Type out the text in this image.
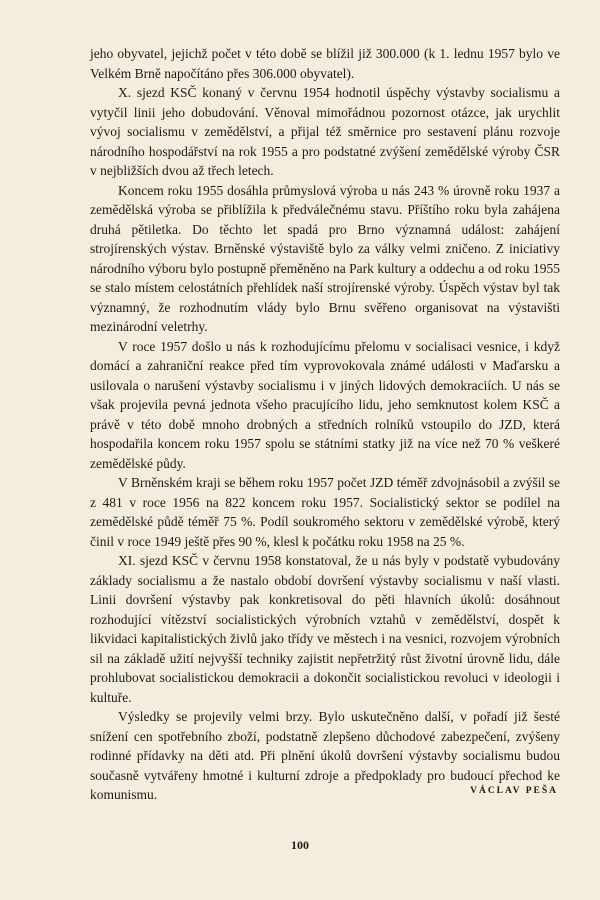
jeho obyvatel, jejichž počet v této době se blížil již 300.000 (k 1. lednu 1957 bylo ve Velkém Brně napočítáno přes 306.000 obyvatel).

X. sjezd KSČ konaný v červnu 1954 hodnotil úspěchy výstavby socialismu a vytyčil linii jeho dobudování. Věnoval mimořádnou pozornost otázce, jak urychlit vývoj socialismu v zemědělství, a přijal též směrnice pro sestavení plánu rozvoje národního hospodářství na rok 1955 a pro podstatné zvýšení zemědělské výroby ČSR v nejbližších dvou až třech letech.

Koncem roku 1955 dosáhla průmyslová výroba u nás 243 % úrovně roku 1937 a zemědělská výroba se přiblížila k předválečnému stavu. Příštího roku byla zahájena druhá pětiletka. Do těchto let spadá pro Brno významná událost: zahájení strojírenských výstav. Brněnské výstaviště bylo za války velmi zničeno. Z iniciativy národního výboru bylo postupně přeměněno na Park kultury a oddechu a od roku 1955 se stalo místem celostátních přehlídek naší strojírenské výroby. Úspěch výstav byl tak významný, že rozhodnutím vlády bylo Brnu svěřeno organisovat na výstavišti mezinárodní veletrhy.

V roce 1957 došlo u nás k rozhodujícímu přelomu v socialisaci vesnice, i když domácí a zahraniční reakce před tím vyprovokovala známé události v Maďarsku a usilovala o narušení výstavby socialismu i v jiných lidových demokraciích. U nás se však projevila pevná jednota všeho pracujícího lidu, jeho semknutost kolem KSČ a právě v této době mnoho drobných a středních rolníků vstoupilo do JZD, která hospodařila koncem roku 1957 spolu se státními statky již na více než 70 % veškeré zemědělské půdy.

V Brněnském kraji se během roku 1957 počet JZD téměř zdvojnásobil a zvýšil se z 481 v roce 1956 na 822 koncem roku 1957. Socialistický sektor se podílel na zemědělské půdě téměř 75 %. Podíl soukromého sektoru v zemědělské výrobě, který činil v roce 1949 ještě přes 90 %, klesl k počátku roku 1958 na 25 %.

XI. sjezd KSČ v červnu 1958 konstatoval, že u nás byly v podstatě vybudovány základy socialismu a že nastalo období dovršení výstavby socialismu v naší vlasti. Linii dovršení výstavby pak konkretisoval do pěti hlavních úkolů: dosáhnout rozhodující vítězství socialistických výrobních vztahů v zemědělství, dospět k likvidaci kapitalistických živlů jako třídy ve městech i na vesnici, rozvojem výrobních sil na základě užití nejvyšší techniky zajistit nepřetržitý růst životní úrovně lidu, dále prohlubovat socialistickou demokracii a dokončit socialistickou revoluci v ideologii i kultuře.

Výsledky se projevily velmi brzy. Bylo uskutečněno další, v pořadí již šesté snížení cen spotřebního zboží, podstatně zlepšeno důchodové zabezpečení, zvýšeny rodinné přídavky na děti atd. Při plnění úkolů dovršení výstavby socialismu budou současně vytvářeny hmotné i kulturní zdroje a předpoklady pro budoucí přechod ke komunismu.	VÁCLAV PEŠA
100
